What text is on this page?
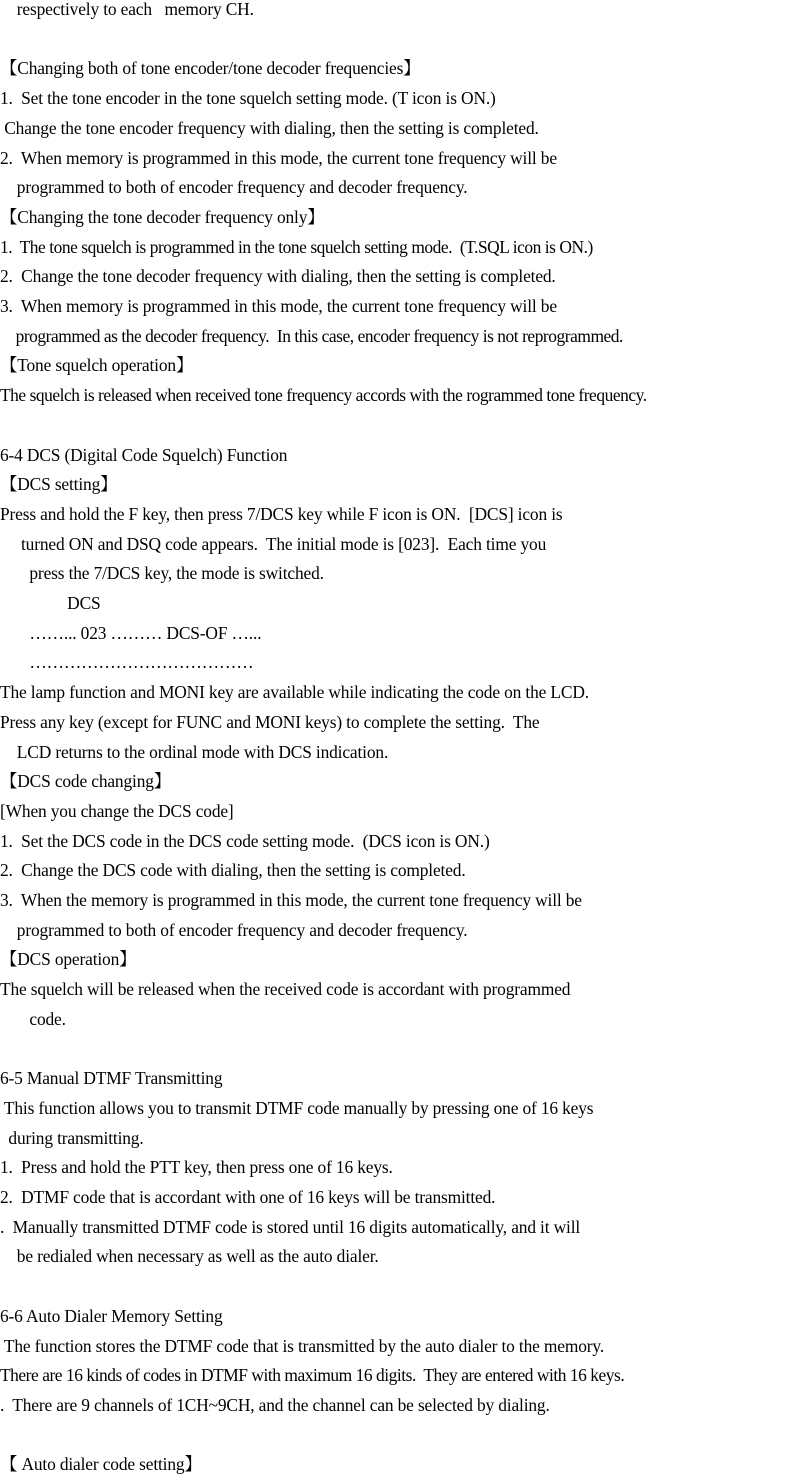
respectively to each   memory CH.

【Changing both of tone encoder/tone decoder frequencies】

1.  Set the tone encoder in the tone squelch setting mode. (T icon is ON.)

Change the tone encoder frequency with dialing, then the setting is completed.

2.  When memory is programmed in this mode, the current tone frequency will be

programmed to both of encoder frequency and decoder frequency.

【Changing the tone decoder frequency only】

1.  The tone squelch is programmed in the tone squelch setting mode.  (T.SQL icon is ON.)

2.  Change the tone decoder frequency with dialing, then the setting is completed.

3.  When memory is programmed in this mode, the current tone frequency will be

programmed as the decoder frequency.  In this case, encoder frequency is not reprogrammed.

【Tone squelch operation】

The squelch is released when received tone frequency accords with the rogrammed tone frequency.

6-4 DCS (Digital Code Squelch) Function

【DCS setting】

Press and hold the F key, then press 7/DCS key while F icon is ON.  [DCS] icon is

turned ON and DSQ code appears.  The initial mode is [023].  Each time you

press the 7/DCS key, the mode is switched.

DCS

……... 023 ……… DCS-OF …...

…………………………………

The lamp function and MONI key are available while indicating the code on the LCD.

Press any key (except for FUNC and MONI keys) to complete the setting.  The

LCD returns to the ordinal mode with DCS indication.

【DCS code changing】

[When you change the DCS code]

1.  Set the DCS code in the DCS code setting mode.  (DCS icon is ON.)

2.  Change the DCS code with dialing, then the setting is completed.

3.  When the memory is programmed in this mode, the current tone frequency will be

programmed to both of encoder frequency and decoder frequency.

【DCS operation】

The squelch will be released when the received code is accordant with programmed

code.

6-5 Manual DTMF Transmitting

This function allows you to transmit DTMF code manually by pressing one of 16 keys

during transmitting.

1.  Press and hold the PTT key, then press one of 16 keys.

2.  DTMF code that is accordant with one of 16 keys will be transmitted.

.  Manually transmitted DTMF code is stored until 16 digits automatically, and it will

be redialed when necessary as well as the auto dialer.

6-6 Auto Dialer Memory Setting

The function stores the DTMF code that is transmitted by the auto dialer to the memory.

There are 16 kinds of codes in DTMF with maximum 16 digits.  They are entered with 16 keys.

.  There are 9 channels of 1CH~9CH, and the channel can be selected by dialing.

【 Auto dialer code setting】
